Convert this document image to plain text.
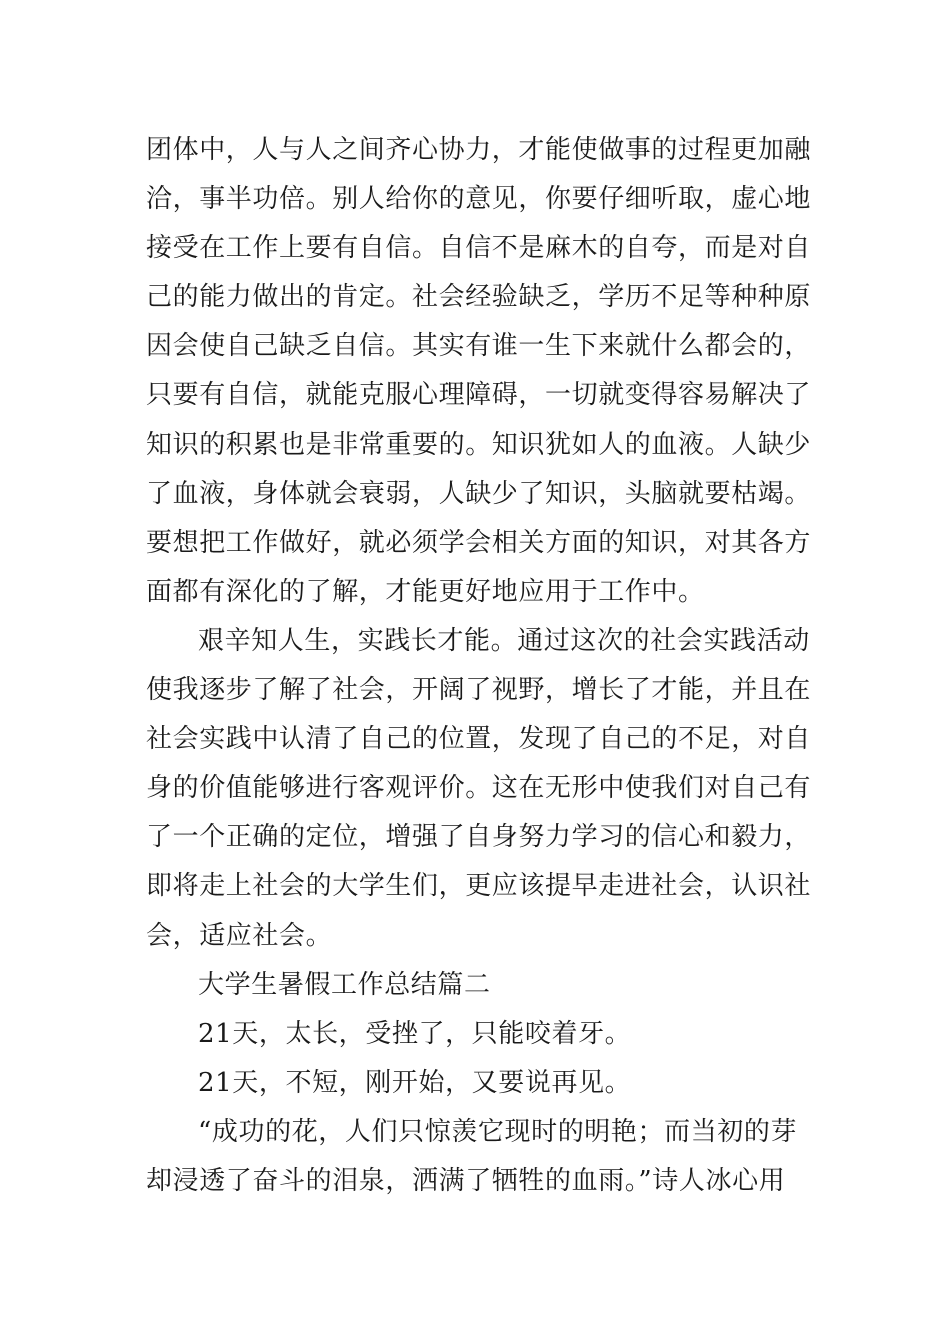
团体中，人与人之间齐心协力，才能使做事的过程更加融
洽，事半功倍。别人给你的意见，你要仔细听取，虚心地
接受在工作上要有自信。自信不是麻木的自夸，而是对自
己的能力做出的肯定。社会经验缺乏，学历不足等种种原
因会使自己缺乏自信。其实有谁一生下来就什么都会的，
只要有自信，就能克服心理障碍，一切就变得容易解决了
知识的积累也是非常重要的。知识犹如人的血液。人缺少
了血液，身体就会衰弱，人缺少了知识，头脑就要枯竭。
要想把工作做好，就必须学会相关方面的知识，对其各方
面都有深化的了解，才能更好地应用于工作中。
艰辛知人生，实践长才能。通过这次的社会实践活动
使我逐步了解了社会，开阔了视野，增长了才能，并且在
社会实践中认清了自己的位置，发现了自己的不足，对自
身的价值能够进行客观评价。这在无形中使我们对自己有
了一个正确的定位，增强了自身努力学习的信心和毅力，
即将走上社会的大学生们，更应该提早走进社会，认识社
会，适应社会。
大学生暑假工作总结篇二
21天，太长，受挫了，只能咬着牙。
21天，不短，刚开始，又要说再见。
“成功的花，人们只惊羡它现时的明艳；而当初的芽
却浸透了奋斗的泪泉，洒满了牺牲的血雨。”诗人冰心用
